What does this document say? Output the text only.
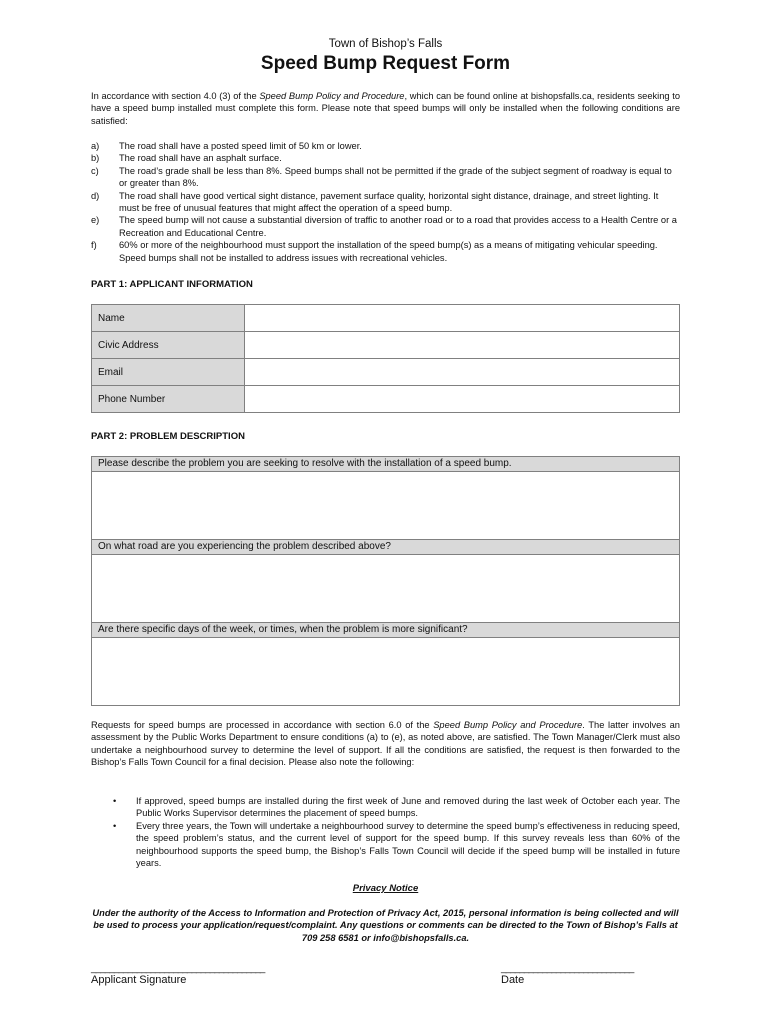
Town of Bishop’s Falls
Speed Bump Request Form
In accordance with section 4.0 (3) of the Speed Bump Policy and Procedure, which can be found online at bishopsfalls.ca, residents seeking to have a speed bump installed must complete this form. Please note that speed bumps will only be installed when the following conditions are satisfied:
a)	The road shall have a posted speed limit of 50 km or lower.
b)	The road shall have an asphalt surface.
c)	The road’s grade shall be less than 8%. Speed bumps shall not be permitted if the grade of the subject segment of roadway is equal to or greater than 8%.
d)	The road shall have good vertical sight distance, pavement surface quality, horizontal sight distance, drainage, and street lighting. It must be free of unusual features that might affect the operation of a speed bump.
e)	The speed bump will not cause a substantial diversion of traffic to another road or to a road that provides access to a Health Centre or a Recreation and Educational Centre.
f)	60% or more of the neighbourhood must support the installation of the speed bump(s) as a means of mitigating vehicular speeding. Speed bumps shall not be installed to address issues with recreational vehicles.
PART 1: APPLICANT INFORMATION
Name	
Civic Address	
Email	
Phone Number	
PART 2: PROBLEM DESCRIPTION
Please describe the problem you are seeking to resolve with the installation of a speed bump.
On what road are you experiencing the problem described above?
Are there specific days of the week, or times, when the problem is more significant?
Requests for speed bumps are processed in accordance with section 6.0 of the Speed Bump Policy and Procedure. The latter involves an assessment by the Public Works Department to ensure conditions (a) to (e), as noted above, are satisfied. The Town Manager/Clerk must also undertake a neighbourhood survey to determine the level of support. If all the conditions are satisfied, the request is then forwarded to the Bishop’s Falls Town Council for a final decision. Please also note the following:
•	If approved, speed bumps are installed during the first week of June and removed during the last week of October each year. The Public Works Supervisor determines the placement of speed bumps.
•	Every three years, the Town will undertake a neighbourhood survey to determine the speed bump’s effectiveness in reducing speed, the speed problem’s status, and the current level of support for the speed bump. If this survey reveals less than 60% of the neighbourhood supports the speed bump, the Bishop’s Falls Town Council will decide if the speed bump will be installed in future years.
Privacy Notice
Under the authority of the Access to Information and Protection of Privacy Act, 2015, personal information is being collected and will be used to process your application/request/complaint. Any questions or comments can be directed to the Town of Bishop’s Falls at 709 258 6581 or info@bishopsfalls.ca.
______________________________________	_____________________________
Applicant Signature	Date
